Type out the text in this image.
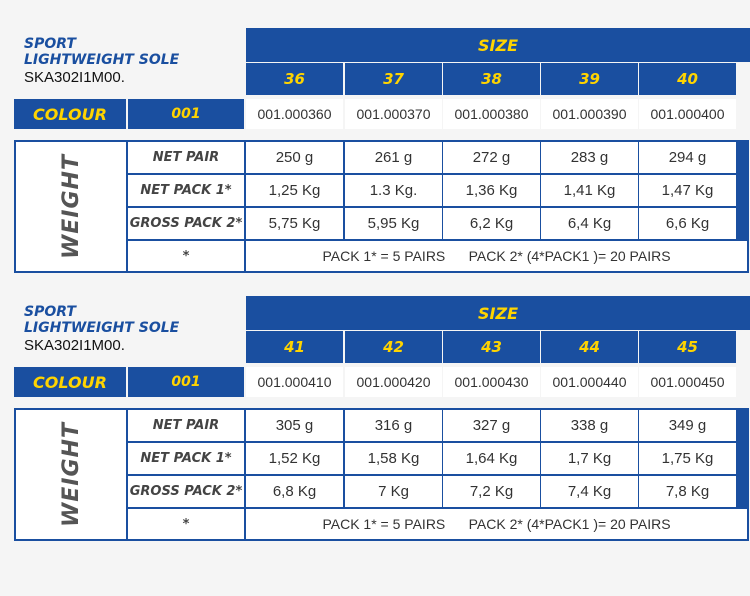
SPORT
LIGHTWEIGHT SOLE
SKA302I1M00.
SIZE
36	37	38	39	40
COLOUR	001	001.000360	001.000370	001.000380	001.000390	001.000400
WEIGHT	NET PAIR	250 g	261 g	272 g	283 g	294 g
NET PACK 1*	1,25 Kg	1.3 Kg.	1,36 Kg	1,41 Kg	1,47 Kg
GROSS PACK 2*	5,75 Kg	5,95 Kg	6,2 Kg	6,4 Kg	6,6 Kg
*	PACK 1* = 5 PAIRS      PACK 2* (4*PACK1 )= 20 PAIRS
SPORT
LIGHTWEIGHT SOLE
SKA302I1M00.
SIZE
41	42	43	44	45
COLOUR	001	001.000410	001.000420	001.000430	001.000440	001.000450
WEIGHT	NET PAIR	305 g	316 g	327 g	338 g	349 g
NET PACK 1*	1,52 Kg	1,58 Kg	1,64 Kg	1,7 Kg	1,75 Kg
GROSS PACK 2*	6,8 Kg	7 Kg	7,2 Kg	7,4 Kg	7,8 Kg
*	PACK 1* = 5 PAIRS      PACK 2* (4*PACK1 )= 20 PAIRS
